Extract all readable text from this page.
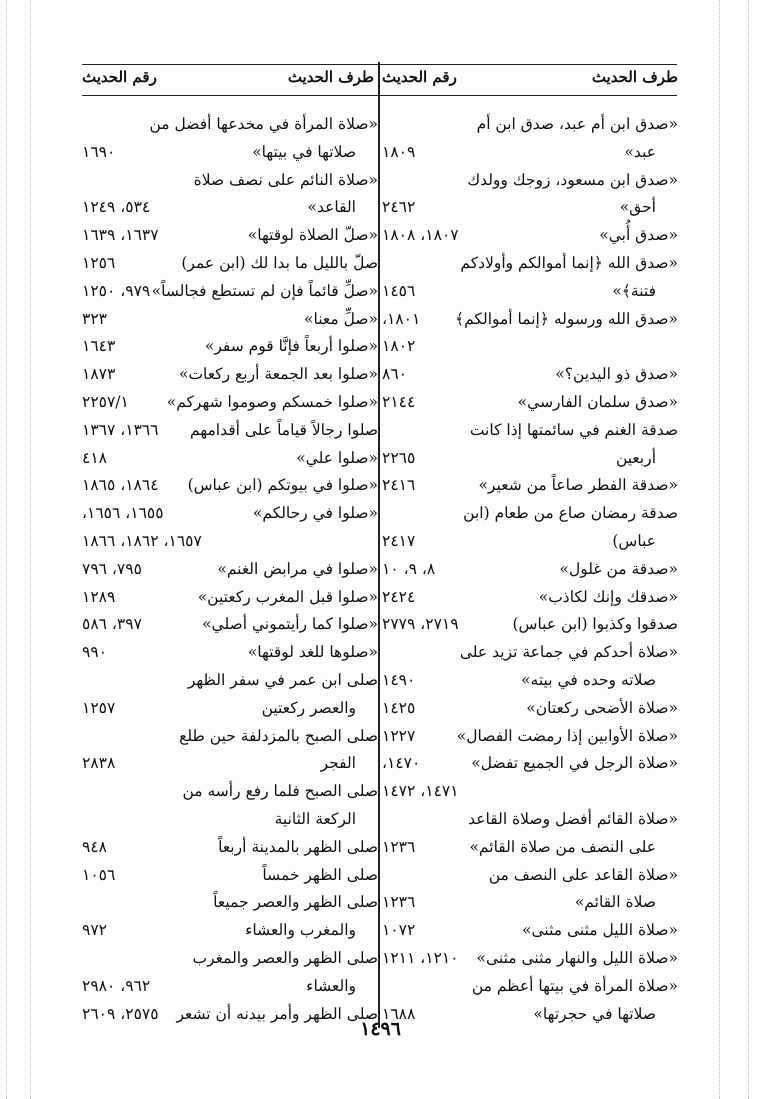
طرف الحديث
رقم الحديث
طرف الحديث
رقم الحديث
«صدق ابن أم عبد، صدق ابن أم
عبد»
١٨٠٩
«صدق ابن مسعود، زوجك وولدك
أحق»
٢٤٦٢
«صدق أُبي»
١٨٠٧، ١٨٠٨
«صدق الله ﴿إنما أموالكم وأولادكم
فتنة﴾»
١٤٥٦
«صدق الله ورسوله ﴿إنما أموالكم﴾
١٨٠١،
١٨٠٢
«صدق ذو اليدين؟»
٨٦٠
«صدق سلمان الفارسي»
٢١٤٤
صدقة الغنم في سائمتها إذا كانت
أربعين
٢٢٦٥
«صدقة الفطر صاعاً من شعير»
٢٤١٦
صدقة رمضان صاع من طعام (ابن
عباس)
٢٤١٧
«صدقة من غلول»
٨، ٩، ١٠
«صدقك وإنك لكاذب»
٢٤٢٤
صدقوا وكذبوا (ابن عباس)
٢٧١٩، ٢٧٧٩
«صلاة أحدكم في جماعة تزيد على
صلاته وحده في بيته»
١٤٩٠
«صلاة الأضحى ركعتان»
١٤٢٥
«صلاة الأوابين إذا رمضت الفصال»
١٢٢٧
«صلاة الرجل في الجميع تفضل»
١٤٧٠،
١٤٧١، ١٤٧٢
«صلاة القائم أفضل وصلاة القاعد
على النصف من صلاة القائم»
١٢٣٦
«صلاة القاعد على النصف من
صلاة القائم»
١٢٣٦
«صلاة الليل مثنى مثنى»
١٠٧٢
«صلاة الليل والنهار مثنى مثنى»
١٢١٠، ١٢١١
«صلاة المرأة في بيتها أعظم من
صلاتها في حجرتها»
١٦٨٨
«صلاة المرأة في مخدعها أفضل من
صلاتها في بيتها»
١٦٩٠
«صلاة النائم على نصف صلاة
القاعد»
٥٣٤، ١٢٤٩
«صلّ الصلاة لوقتها»
١٦٣٧، ١٦٣٩
صلّ بالليل ما بدا لك (ابن عمر)
١٢٥٦
«صلِّ قائماً فإن لم تستطع فجالساً»
٩٧٩، ١٢٥٠
«صلِّ معنا»
٣٢٣
«صلوا أربعاً فإنَّا قوم سفر»
١٦٤٣
«صلوا بعد الجمعة أربع ركعات»
١٨٧٣
«صلوا خمسكم وصوموا شهركم»
٢٢٥٧/١
صلوا رجالاً قياماً على أقدامهم
١٣٦٦، ١٣٦٧
«صلوا علي»
٤١٨
«صلوا في بيوتكم (ابن عباس)
١٨٦٤، ١٨٦٥
«صلوا في رحالكم»
١٦٥٥، ١٦٥٦،
١٦٥٧، ١٨٦٢، ١٨٦٦
«صلوا في مرابض الغنم»
٧٩٥، ٧٩٦
«صلوا قبل المغرب ركعتين»
١٢٨٩
«صلوا كما رأيتموني أصلي»
٣٩٧، ٥٨٦
«صلوها للغد لوقتها»
٩٩٠
صلى ابن عمر في سفر الظهر
والعصر ركعتين
١٢٥٧
صلى الصبح بالمزدلفة حين طلع
الفجر
٢٨٣٨
صلى الصبح فلما رفع رأسه من
الركعة الثانية
صلى الظهر بالمدينة أربعاً
٩٤٨
صلى الظهر خمساً
١٠٥٦
صلى الظهر والعصر جميعاً
والمغرب والعشاء
٩٧٢
صلى الظهر والعصر والمغرب
والعشاء
٩٦٢، ٢٩٨٠
صلى الظهر وأمر بيدنه أن تشعر
٢٥٧٥، ٢٦٠٩
١٤٩٦
